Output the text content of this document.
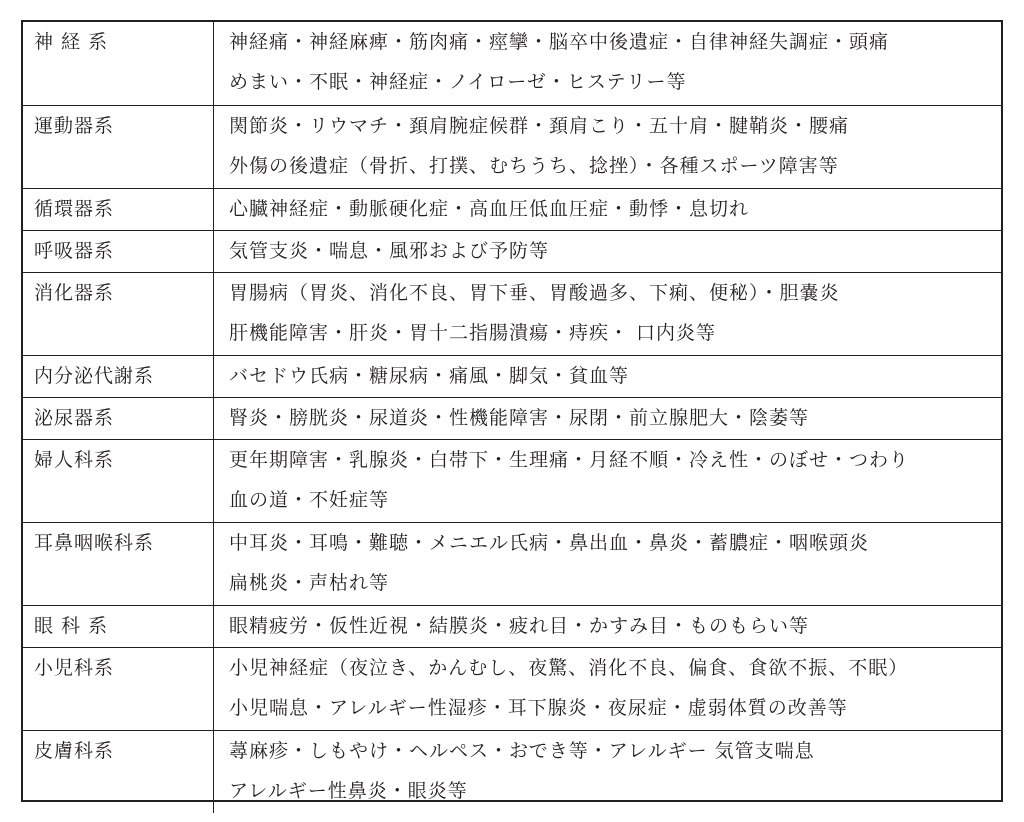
神 経 系	神経痛・神経麻痺・筋肉痛・痙攣・脳卒中後遺症・自律神経失調症・頭痛
めまい・不眠・神経症・ノイローゼ・ヒステリー等

運動器系	関節炎・リウマチ・頚肩腕症候群・頚肩こり・五十肩・腱鞘炎・腰痛
外傷の後遺症（骨折、打撲、むちうち、捻挫）・各種スポーツ障害等

循環器系	心臓神経症・動脈硬化症・高血圧低血圧症・動悸・息切れ

呼吸器系	気管支炎・喘息・風邪および予防等

消化器系	胃腸病（胃炎、消化不良、胃下垂、胃酸過多、下痢、便秘）・胆嚢炎
肝機能障害・肝炎・胃十二指腸潰瘍・痔疾・ 口内炎等

内分泌代謝系	バセドウ氏病・糖尿病・痛風・脚気・貧血等

泌尿器系	腎炎・膀胱炎・尿道炎・性機能障害・尿閉・前立腺肥大・陰萎等

婦人科系	更年期障害・乳腺炎・白帯下・生理痛・月経不順・冷え性・のぼせ・つわり
血の道・不妊症等

耳鼻咽喉科系	中耳炎・耳鳴・難聴・メニエル氏病・鼻出血・鼻炎・蓄膿症・咽喉頭炎
扁桃炎・声枯れ等

眼 科 系	眼精疲労・仮性近視・結膜炎・疲れ目・かすみ目・ものもらい等

小児科系	小児神経症（夜泣き、かんむし、夜驚、消化不良、偏食、食欲不振、不眠）
小児喘息・アレルギー性湿疹・耳下腺炎・夜尿症・虚弱体質の改善等

皮膚科系	蕁麻疹・しもやけ・ヘルペス・おでき等・アレルギー 気管支喘息
アレルギー性鼻炎・眼炎等
